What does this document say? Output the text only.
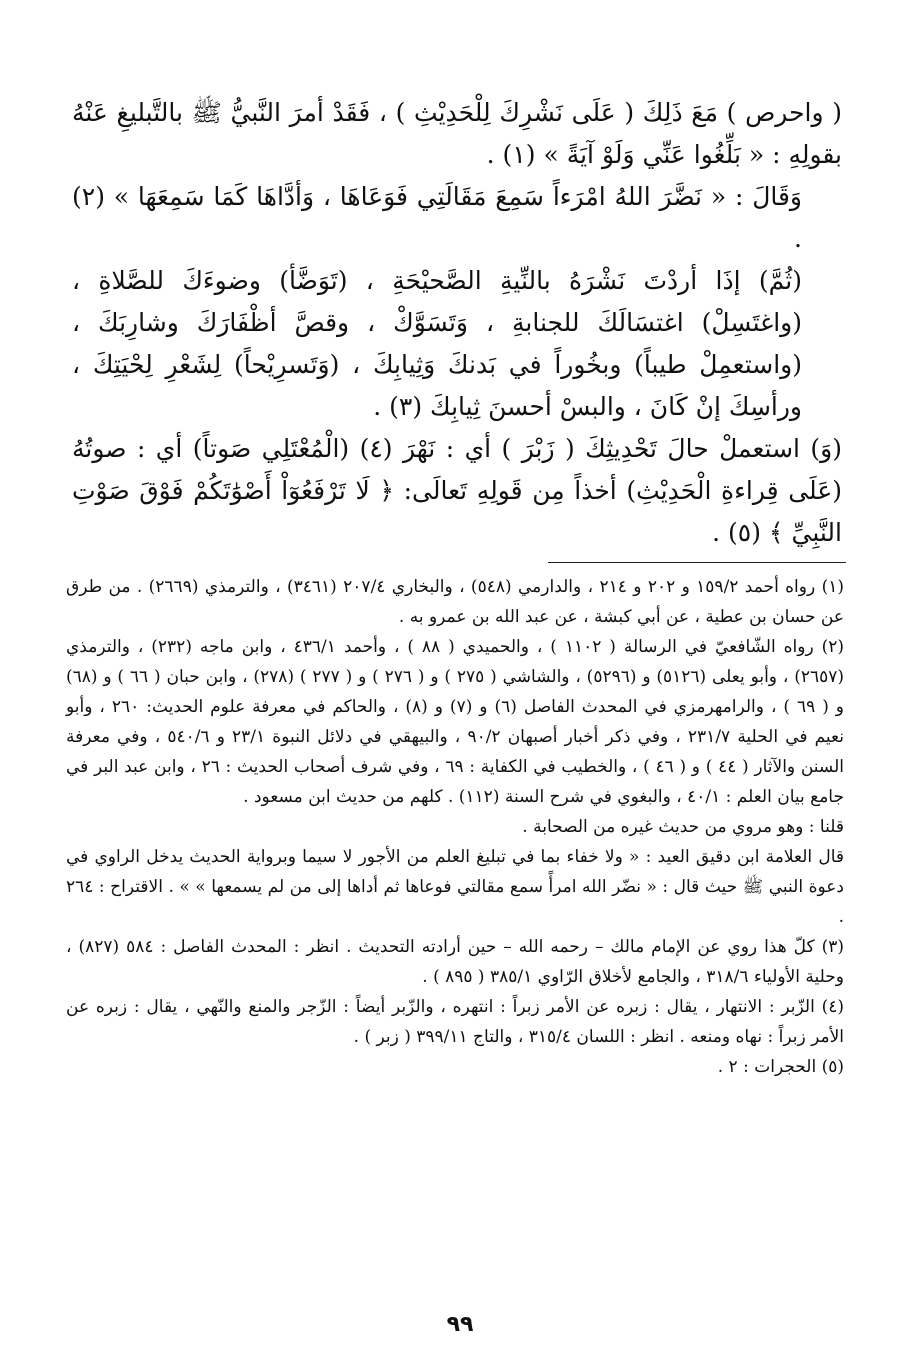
( واحرص ) مَعَ ذَلِكَ ( عَلَى نَشْرِكَ لِلْحَدِيْثِ ) ، فَقَدْ أمرَ النَّبيُّ ﷺ بالتَّبليغِ عَنْهُ بقولِهِ : « بَلِّغُوا عَنِّي وَلَوْ آيَةً » (١) .

وَقَالَ : « نَضَّرَ اللهُ امْرَءاً سَمِعَ مَقَالَتِي فَوَعَاهَا ، وَأدَّاهَا كَمَا سَمِعَهَا » (٢) .

(ثُمَّ) إذَا أردْتَ نَشْرَهُ بالنِّيةِ الصَّحيْحَةِ ، (تَوَضَّأ) وضوءَكَ للصَّلاةِ ، (واغتَسِلْ) اغتسَالَكَ للجنابةِ ، وَتَسَوَّكْ ، وقصَّ أظْفَارَكَ وشارِبَكَ ، (واستعمِلْ طيباً) وبخُوراً في بَدنكَ وَثِيابِكَ ، (وَتَسرِيْحاً) لِشَعْرِ لِحْيَتِكَ ، ورأسِكَ إنْ كَانَ ، والبسْ أحسنَ ثِيابِكَ (٣) .

(وَ) استعملْ حالَ تَحْدِيثِكَ ( زَبْرَ ) أي : نَهْرَ (٤) (الْمُعْتَلِي صَوتاً) أي : صوتُهُ (عَلَى قِراءةِ الْحَدِيْثِ) أخذاً مِن قَولِهِ تَعالَى: ﴿ لَا تَرْفَعُوٓاْ أَصْوَٰتَكُمْ فَوْقَ صَوْتِ النَّبِيِّ ﴾ (٥) .

(١) رواه أحمد ١٥٩/٢ و ٢٠٢ و ٢١٤ ، والدارمي (٥٤٨) ، والبخاري ٢٠٧/٤ (٣٤٦١) ، والترمذي (٢٦٦٩) . من طرق عن حسان بن عطية ، عن أبي كبشة ، عن عبد الله بن عمرو به .

(٢) رواه الشّافعيّ في الرسالة ( ١١٠٢ ) ، والحميدي ( ٨٨ ) ، وأحمد ٤٣٦/١ ، وابن ماجه (٢٣٢) ، والترمذي (٢٦٥٧) ، وأبو يعلى (٥١٢٦) و (٥٢٩٦) ، والشاشي ( ٢٧٥ ) و ( ٢٧٦ ) و ( ٢٧٧ ) (٢٧٨) ، وابن حبان ( ٦٦ ) و (٦٨) و ( ٦٩ ) ، والرامهرمزي في المحدث الفاصل (٦) و (٧) و (٨) ، والحاكم في معرفة علوم الحديث: ٢٦٠ ، وأبو نعيم في الحلية ٢٣١/٧ ، وفي ذكر أخبار أصبهان ٩٠/٢ ، والبيهقي في دلائل النبوة ٢٣/١ و ٥٤٠/٦ ، وفي معرفة السنن والآثار ( ٤٤ ) و ( ٤٦ ) ، والخطيب في الكفاية : ٦٩ ، وفي شرف أصحاب الحديث : ٢٦ ، وابن عبد البر في جامع بيان العلم : ٤٠/١ ، والبغوي في شرح السنة (١١٢) . كلهم من حديث ابن مسعود .

قلنا : وهو مروي من حديث غيره من الصحابة .

قال العلامة ابن دقيق العيد : « ولا خفاء بما في تبليغ العلم من الأجور لا سيما وبرواية الحديث يدخل الراوي في دعوة النبي ﷺ حيث قال : « نضّر الله امرأً سمع مقالتي فوعاها ثم أداها إلى من لم يسمعها » » . الاقتراح : ٢٦٤ .

(٣) كلّ هذا روي عن الإمام مالك – رحمه الله – حين أرادته التحديث . انظر : المحدث الفاصل : ٥٨٤ (٨٢٧) ، وحلية الأولياء ٣١٨/٦ ، والجامع لأخلاق الرّاوي ٣٨٥/١ ( ٨٩٥ ) .

(٤) الزّبر : الانتهار ، يقال : زبره عن الأمر زبراً : انتهره ، والزّبر أيضاً : الزّجر والمنع والنّهي ، يقال : زبره عن الأمر زبراً : نهاه ومنعه . انظر : اللسان ٣١٥/٤ ، والتاج ٣٩٩/١١ ( زبر ) .

(٥) الحجرات : ٢ .

٩٩
